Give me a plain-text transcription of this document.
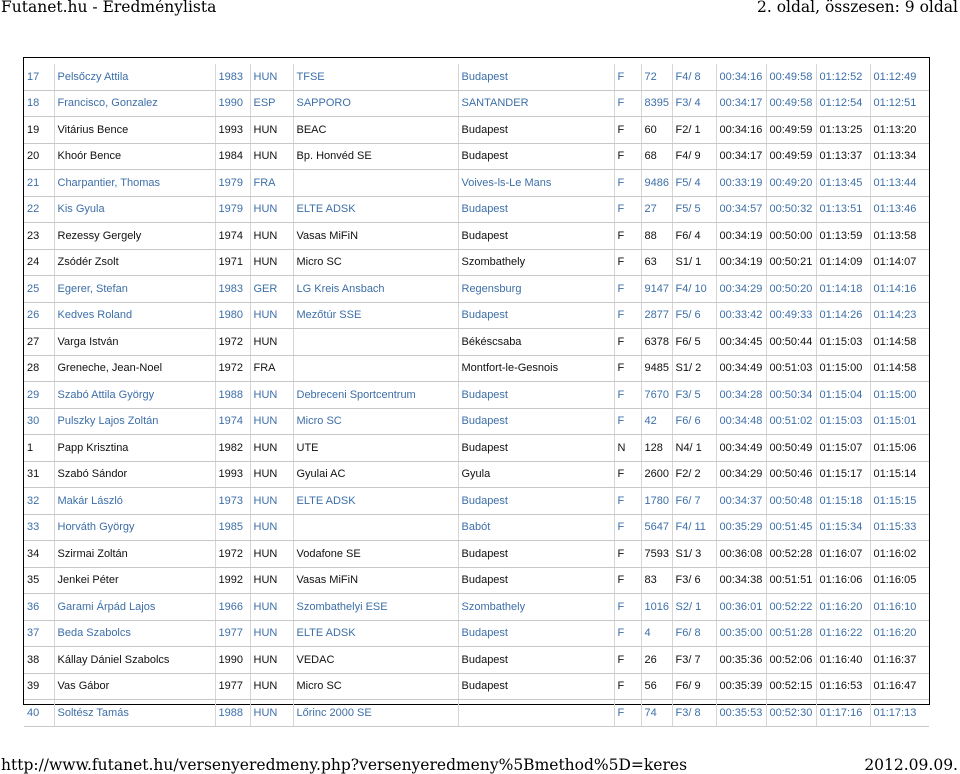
Futanet.hu - Eredménylista	2. oldal, összesen: 9 oldal
17	Pelsőczy Attila	1983	HUN	TFSE	Budapest	F	72	F4/ 8	00:34:16	00:49:58	01:12:52	01:12:49
18	Francisco, Gonzalez	1990	ESP	SAPPORO	SANTANDER	F	8395	F3/ 4	00:34:17	00:49:58	01:12:54	01:12:51
19	Vitárius Bence	1993	HUN	BEAC	Budapest	F	60	F2/ 1	00:34:16	00:49:59	01:13:25	01:13:20
20	Khoór Bence	1984	HUN	Bp. Honvéd SE	Budapest	F	68	F4/ 9	00:34:17	00:49:59	01:13:37	01:13:34
21	Charpantier, Thomas	1979	FRA		Voives-ls-Le Mans	F	9486	F5/ 4	00:33:19	00:49:20	01:13:45	01:13:44
22	Kis Gyula	1979	HUN	ELTE ADSK	Budapest	F	27	F5/ 5	00:34:57	00:50:32	01:13:51	01:13:46
23	Rezessy Gergely	1974	HUN	Vasas MiFiN	Budapest	F	88	F6/ 4	00:34:19	00:50:00	01:13:59	01:13:58
24	Zsódér Zsolt	1971	HUN	Micro SC	Szombathely	F	63	S1/ 1	00:34:19	00:50:21	01:14:09	01:14:07
25	Egerer, Stefan	1983	GER	LG Kreis Ansbach	Regensburg	F	9147	F4/ 10	00:34:29	00:50:20	01:14:18	01:14:16
26	Kedves Roland	1980	HUN	Mezőtúr SSE	Budapest	F	2877	F5/ 6	00:33:42	00:49:33	01:14:26	01:14:23
27	Varga István	1972	HUN		Békéscsaba	F	6378	F6/ 5	00:34:45	00:50:44	01:15:03	01:14:58
28	Greneche, Jean-Noel	1972	FRA		Montfort-le-Gesnois	F	9485	S1/ 2	00:34:49	00:51:03	01:15:00	01:14:58
29	Szabó Attila György	1988	HUN	Debreceni Sportcentrum	Budapest	F	7670	F3/ 5	00:34:28	00:50:34	01:15:04	01:15:00
30	Pulszky Lajos Zoltán	1974	HUN	Micro SC	Budapest	F	42	F6/ 6	00:34:48	00:51:02	01:15:03	01:15:01
1	Papp Krisztina	1982	HUN	UTE	Budapest	N	128	N4/ 1	00:34:49	00:50:49	01:15:07	01:15:06
31	Szabó Sándor	1993	HUN	Gyulai AC	Gyula	F	2600	F2/ 2	00:34:29	00:50:46	01:15:17	01:15:14
32	Makár László	1973	HUN	ELTE ADSK	Budapest	F	1780	F6/ 7	00:34:37	00:50:48	01:15:18	01:15:15
33	Horváth György	1985	HUN		Babót	F	5647	F4/ 11	00:35:29	00:51:45	01:15:34	01:15:33
34	Szirmai Zoltán	1972	HUN	Vodafone SE	Budapest	F	7593	S1/ 3	00:36:08	00:52:28	01:16:07	01:16:02
35	Jenkei Péter	1992	HUN	Vasas MiFiN	Budapest	F	83	F3/ 6	00:34:38	00:51:51	01:16:06	01:16:05
36	Garami Árpád Lajos	1966	HUN	Szombathelyi ESE	Szombathely	F	1016	S2/ 1	00:36:01	00:52:22	01:16:20	01:16:10
37	Beda Szabolcs	1977	HUN	ELTE ADSK	Budapest	F	4	F6/ 8	00:35:00	00:51:28	01:16:22	01:16:20
38	Kállay Dániel Szabolcs	1990	HUN	VEDAC	Budapest	F	26	F3/ 7	00:35:36	00:52:06	01:16:40	01:16:37
39	Vas Gábor	1977	HUN	Micro SC	Budapest	F	56	F6/ 9	00:35:39	00:52:15	01:16:53	01:16:47
40	Soltész Tamás	1988	HUN	Lőrinc 2000 SE		F	74	F3/ 8	00:35:53	00:52:30	01:17:16	01:17:13
http://www.futanet.hu/versenyeredmeny.php?versenyeredmeny%5Bmethod%5D=keres	2012.09.09.
